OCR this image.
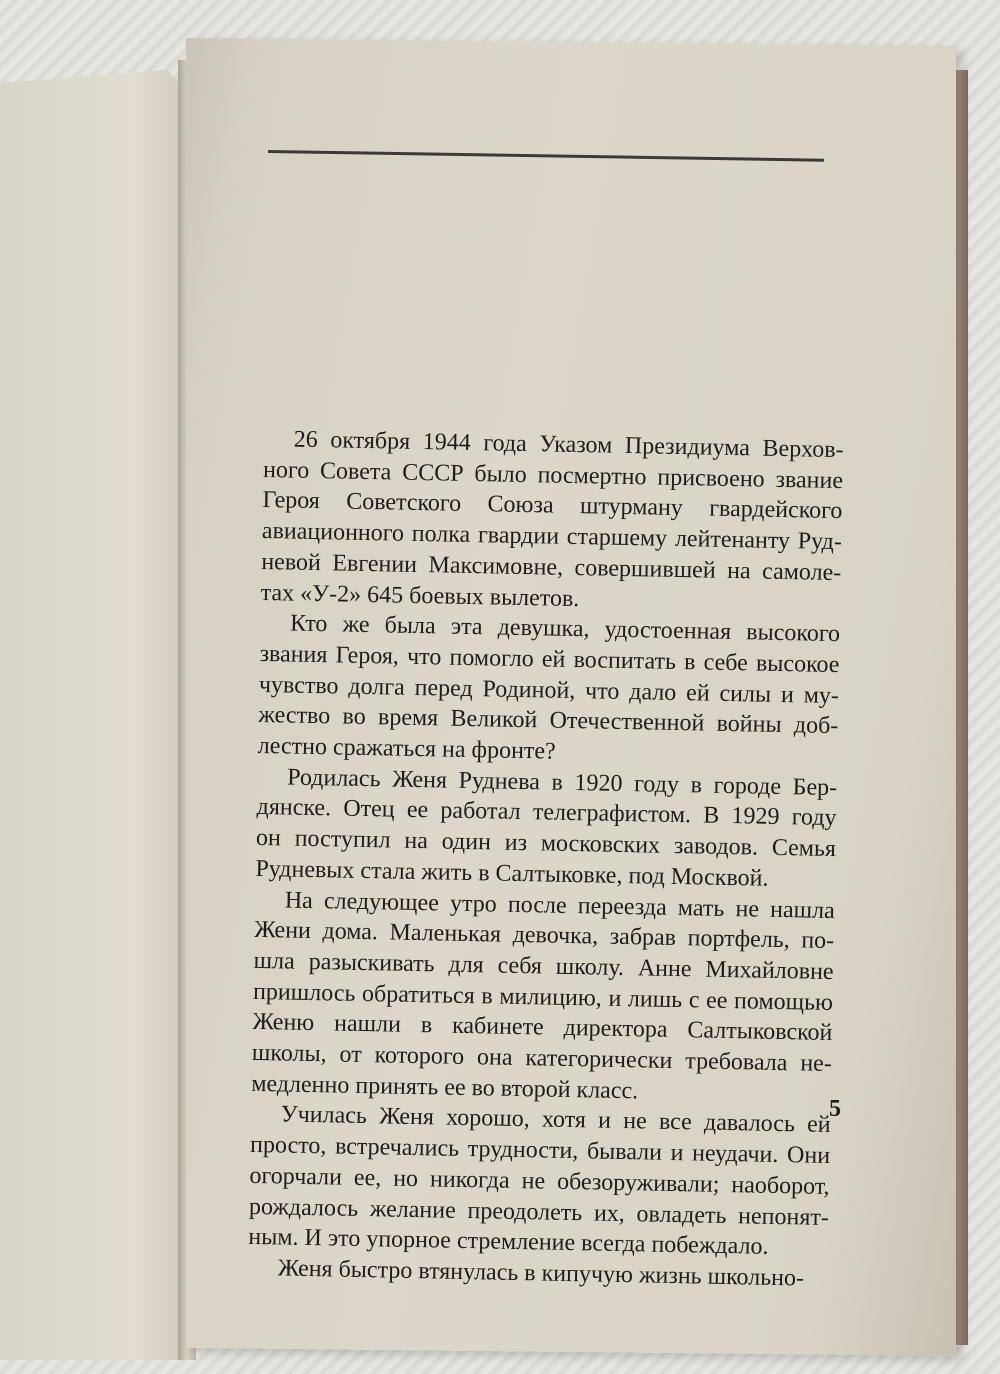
26 октября 1944 года Указом Президиума Верхов-
ного Совета СССР было посмертно присвоено звание
Героя Советского Союза штурману гвардейского
авиационного полка гвардии старшему лейтенанту Руд-
невой Евгении Максимовне, совершившей на самоле-
тах «У-2» 645 боевых вылетов.
Кто же была эта девушка, удостоенная высокого
звания Героя, что помогло ей воспитать в себе высокое
чувство долга перед Родиной, что дало ей силы и му-
жество во время Великой Отечественной войны доб-
лестно сражаться на фронте?
Родилась Женя Руднева в 1920 году в городе Бер-
дянске. Отец ее работал телеграфистом. В 1929 году
он поступил на один из московских заводов. Семья
Рудневых стала жить в Салтыковке, под Москвой.
На следующее утро после переезда мать не нашла
Жени дома. Маленькая девочка, забрав портфель, по-
шла разыскивать для себя школу. Анне Михайловне
пришлось обратиться в милицию, и лишь с ее помощью
Женю нашли в кабинете директора Салтыковской
школы, от которого она категорически требовала не-
медленно принять ее во второй класс.
Училась Женя хорошо, хотя и не все давалось ей
просто, встречались трудности, бывали и неудачи. Они
огорчали ее, но никогда не обезоруживали; наоборот,
рождалось желание преодолеть их, овладеть непонят-
ным. И это упорное стремление всегда побеждало.
Женя быстро втянулась в кипучую жизнь школьно-
5
